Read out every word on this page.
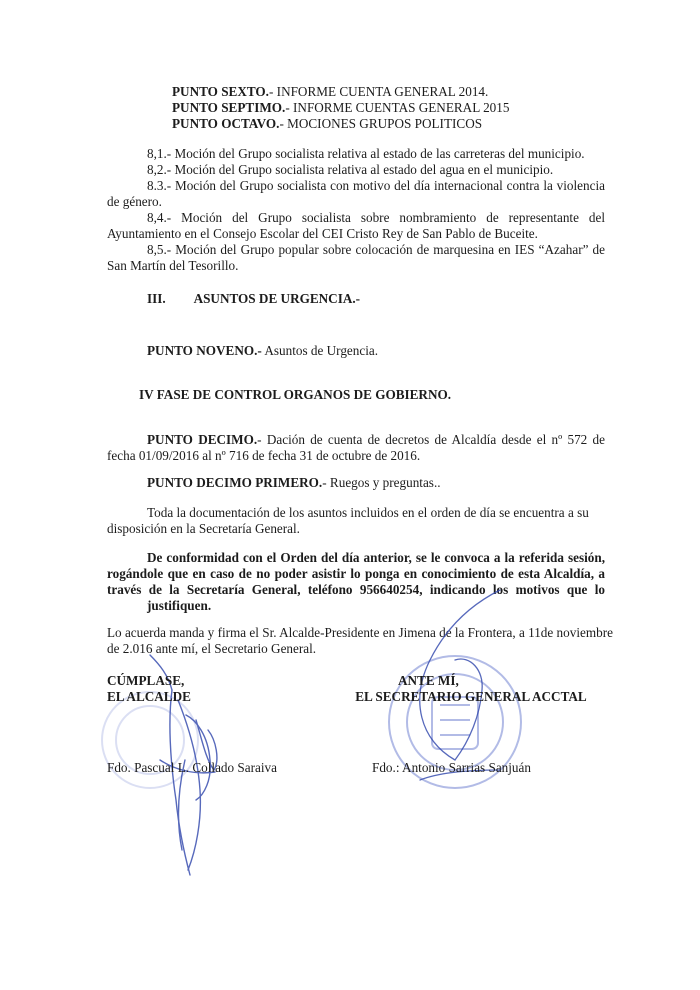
PUNTO SEXTO.- INFORME CUENTA GENERAL 2014.
PUNTO SEPTIMO.- INFORME CUENTAS GENERAL 2015
PUNTO OCTAVO.- MOCIONES GRUPOS POLITICOS
8,1.- Moción del Grupo socialista relativa al estado de las carreteras del municipio.
8,2.- Moción del Grupo socialista relativa al estado del agua en el municipio.
8.3.- Moción del Grupo socialista con motivo del día internacional contra la violencia
de género.
8,4.- Moción del Grupo socialista sobre nombramiento de representante del
Ayuntamiento en el Consejo Escolar del CEI Cristo Rey de San Pablo de Buceite.
8,5.- Moción del Grupo popular sobre colocación de marquesina en IES “Azahar” de
San Martín del Tesorillo.
III. ASUNTOS DE URGENCIA.-
PUNTO NOVENO.- Asuntos de Urgencia.
IV FASE DE CONTROL ORGANOS DE GOBIERNO.
PUNTO DECIMO.- Dación de cuenta de decretos de Alcaldía desde el nº 572 de
fecha 01/09/2016 al nº 716 de fecha 31 de octubre de 2016.
PUNTO DECIMO PRIMERO.- Ruegos y preguntas..
Toda la documentación de los asuntos incluidos en el orden de día se encuentra a su
disposición en la Secretaría General.
De conformidad con el Orden del día anterior, se le convoca a la referida sesión,
rogándole que en caso de no poder asistir lo ponga en conocimiento de esta Alcaldía, a
través de la Secretaría General, teléfono 956640254, indicando los motivos que lo
justifiquen.
Lo acuerda manda y firma el Sr. Alcalde-Presidente en Jimena de la Frontera, a 11de noviembre
de 2.016 ante mí, el Secretario General.
CÚMPLASE,
EL ALCALDE
Fdo. Pascual L. Collado Saraiva
ANTE MÍ,
EL SECRETARIO GENERAL ACCTAL
Fdo.: Antonio Sarrias Sanjuán
